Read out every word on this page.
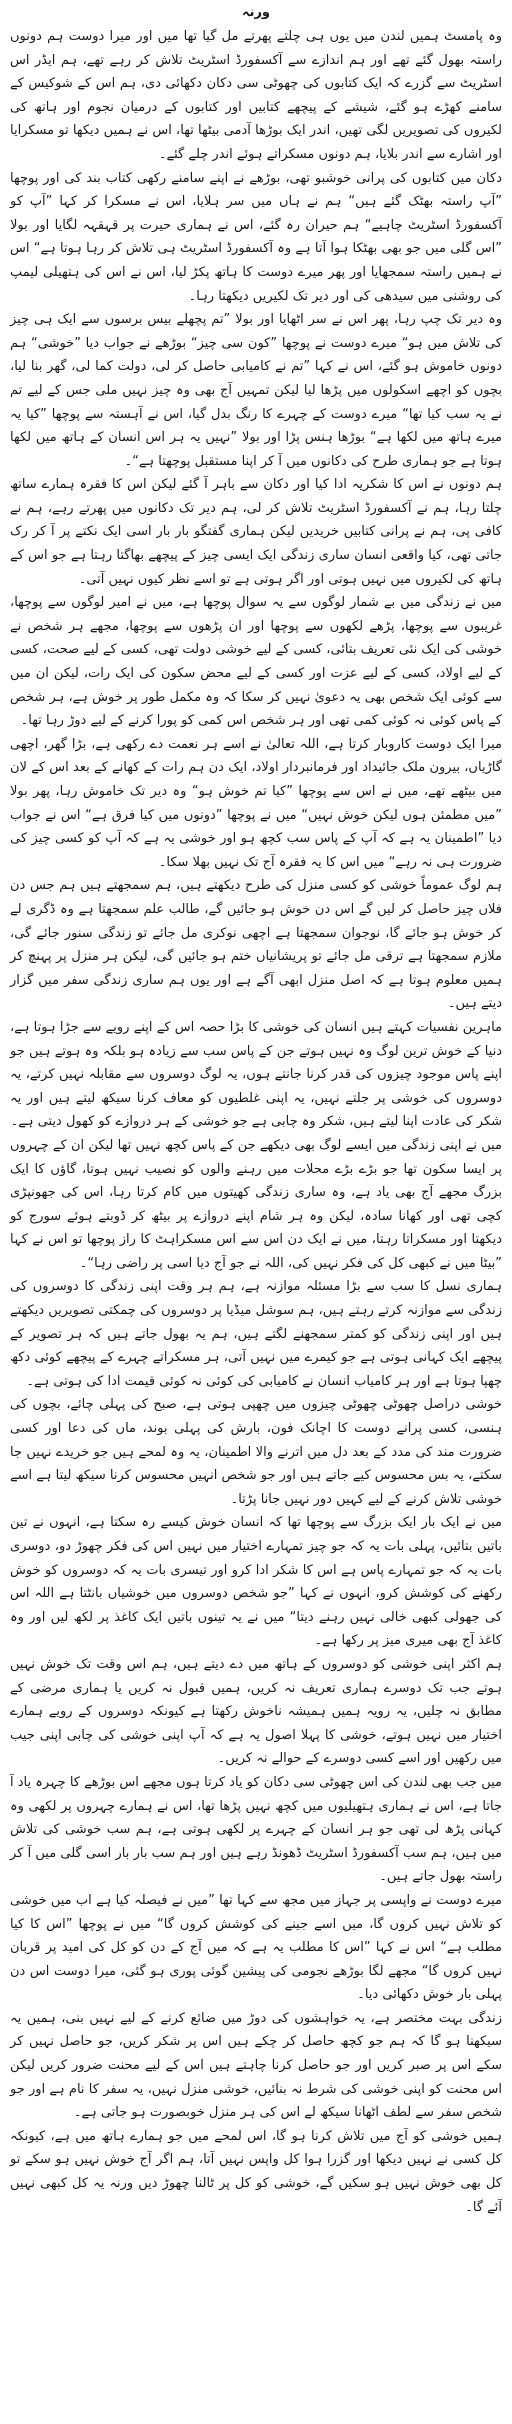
ورنہ

وہ پامسٹ ہمیں لندن میں یوں ہی چلتے پھرتے مل گیا تھا میں اور میرا دوست ہم دونوں راستہ بھول گئے تھے اور ہم اندازے سے آکسفورڈ اسٹریٹ تلاش کر رہے تھے، ہم ایڈر اس اسٹریٹ سے گزرے کہ ایک کتابوں کی چھوٹی سی دکان دکھائی دی، ہم اس کے شوکیس کے سامنے کھڑے ہو گئے، شیشے کے پیچھے کتابیں اور کتابوں کے درمیان نجوم اور ہاتھ کی لکیروں کی تصویریں لگی تھیں، اندر ایک بوڑھا آدمی بیٹھا تھا، اس نے ہمیں دیکھا تو مسکرایا اور اشارے سے اندر بلایا، ہم دونوں مسکراتے ہوئے اندر چلے گئے۔

دکان میں کتابوں کی پرانی خوشبو تھی، بوڑھے نے اپنے سامنے رکھی کتاب بند کی اور پوچھا ”آپ راستہ بھٹک گئے ہیں“ ہم نے ہاں میں سر ہلایا، اس نے مسکرا کر کہا ”آپ کو آکسفورڈ اسٹریٹ چاہیے“ ہم حیران رہ گئے، اس نے ہماری حیرت پر قہقہہ لگایا اور بولا ”اس گلی میں جو بھی بھٹکا ہوا آتا ہے وہ آکسفورڈ اسٹریٹ ہی تلاش کر رہا ہوتا ہے“ اس نے ہمیں راستہ سمجھایا اور پھر میرے دوست کا ہاتھ پکڑ لیا، اس نے اس کی ہتھیلی لیمپ کی روشنی میں سیدھی کی اور دیر تک لکیریں دیکھتا رہا۔

وہ دیر تک چپ رہا، پھر اس نے سر اٹھایا اور بولا ”تم پچھلے بیس برسوں سے ایک ہی چیز کی تلاش میں ہو“ میرے دوست نے پوچھا ”کون سی چیز“ بوڑھے نے جواب دیا ”خوشی“ ہم دونوں خاموش ہو گئے، اس نے کہا ”تم نے کامیابی حاصل کر لی، دولت کما لی، گھر بنا لیا، بچوں کو اچھے اسکولوں میں پڑھا لیا لیکن تمہیں آج بھی وہ چیز نہیں ملی جس کے لیے تم نے یہ سب کیا تھا“ میرے دوست کے چہرے کا رنگ بدل گیا، اس نے آہستہ سے پوچھا ”کیا یہ میرے ہاتھ میں لکھا ہے“ بوڑھا ہنس پڑا اور بولا ”نہیں یہ ہر اس انسان کے ہاتھ میں لکھا ہوتا ہے جو ہماری طرح کی دکانوں میں آ کر اپنا مستقبل پوچھتا ہے“۔

ہم دونوں نے اس کا شکریہ ادا کیا اور دکان سے باہر آ گئے لیکن اس کا فقرہ ہمارے ساتھ چلتا رہا، ہم نے آکسفورڈ اسٹریٹ تلاش کر لی، ہم دیر تک دکانوں میں پھرتے رہے، ہم نے کافی پی، ہم نے پرانی کتابیں خریدیں لیکن ہماری گفتگو بار بار اسی ایک نکتے پر آ کر رک جاتی تھی، کیا واقعی انسان ساری زندگی ایک ایسی چیز کے پیچھے بھاگتا رہتا ہے جو اس کے ہاتھ کی لکیروں میں نہیں ہوتی اور اگر ہوتی ہے تو اسے نظر کیوں نہیں آتی۔

میں نے زندگی میں بے شمار لوگوں سے یہ سوال پوچھا ہے، میں نے امیر لوگوں سے پوچھا، غریبوں سے پوچھا، پڑھے لکھوں سے پوچھا اور ان پڑھوں سے پوچھا، مجھے ہر شخص نے خوشی کی ایک نئی تعریف بتائی، کسی کے لیے خوشی دولت تھی، کسی کے لیے صحت، کسی کے لیے اولاد، کسی کے لیے عزت اور کسی کے لیے محض سکون کی ایک رات، لیکن ان میں سے کوئی ایک شخص بھی یہ دعویٰ نہیں کر سکا کہ وہ مکمل طور پر خوش ہے، ہر شخص کے پاس کوئی نہ کوئی کمی تھی اور ہر شخص اس کمی کو پورا کرنے کے لیے دوڑ رہا تھا۔

میرا ایک دوست کاروبار کرتا ہے، اللہ تعالیٰ نے اسے ہر نعمت دے رکھی ہے، بڑا گھر، اچھی گاڑیاں، بیرون ملک جائیداد اور فرمانبردار اولاد، ایک دن ہم رات کے کھانے کے بعد اس کے لان میں بیٹھے تھے، میں نے اس سے پوچھا ”کیا تم خوش ہو“ وہ دیر تک خاموش رہا، پھر بولا ”میں مطمئن ہوں لیکن خوش نہیں“ میں نے پوچھا ”دونوں میں کیا فرق ہے“ اس نے جواب دیا ”اطمینان یہ ہے کہ آپ کے پاس سب کچھ ہو اور خوشی یہ ہے کہ آپ کو کسی چیز کی ضرورت ہی نہ رہے“ میں اس کا یہ فقرہ آج تک نہیں بھلا سکا۔

ہم لوگ عموماً خوشی کو کسی منزل کی طرح دیکھتے ہیں، ہم سمجھتے ہیں ہم جس دن فلاں چیز حاصل کر لیں گے اس دن خوش ہو جائیں گے، طالب علم سمجھتا ہے وہ ڈگری لے کر خوش ہو جائے گا، نوجوان سمجھتا ہے اچھی نوکری مل جائے تو زندگی سنور جائے گی، ملازم سمجھتا ہے ترقی مل جائے تو پریشانیاں ختم ہو جائیں گی، لیکن ہر منزل پر پہنچ کر ہمیں معلوم ہوتا ہے کہ اصل منزل ابھی آگے ہے اور یوں ہم ساری زندگی سفر میں گزار دیتے ہیں۔

ماہرین نفسیات کہتے ہیں انسان کی خوشی کا بڑا حصہ اس کے اپنے رویے سے جڑا ہوتا ہے، دنیا کے خوش ترین لوگ وہ نہیں ہوتے جن کے پاس سب سے زیادہ ہو بلکہ وہ ہوتے ہیں جو اپنے پاس موجود چیزوں کی قدر کرنا جانتے ہوں، یہ لوگ دوسروں سے مقابلہ نہیں کرتے، یہ دوسروں کی خوشی پر جلتے نہیں، یہ اپنی غلطیوں کو معاف کرنا سیکھ لیتے ہیں اور یہ شکر کی عادت اپنا لیتے ہیں، شکر وہ چابی ہے جو خوشی کے ہر دروازے کو کھول دیتی ہے۔

میں نے اپنی زندگی میں ایسے لوگ بھی دیکھے جن کے پاس کچھ نہیں تھا لیکن ان کے چہروں پر ایسا سکون تھا جو بڑے بڑے محلات میں رہنے والوں کو نصیب نہیں ہوتا، گاؤں کا ایک بزرگ مجھے آج بھی یاد ہے، وہ ساری زندگی کھیتوں میں کام کرتا رہا، اس کی جھونپڑی کچی تھی اور کھانا سادہ، لیکن وہ ہر شام اپنے دروازے پر بیٹھ کر ڈوبتے ہوئے سورج کو دیکھتا اور مسکراتا رہتا، میں نے ایک دن اس سے اس مسکراہٹ کا راز پوچھا تو اس نے کہا ”بیٹا میں نے کبھی کل کی فکر نہیں کی، اللہ نے جو آج دیا اسی پر راضی رہا“۔

ہماری نسل کا سب سے بڑا مسئلہ موازنہ ہے، ہم ہر وقت اپنی زندگی کا دوسروں کی زندگی سے موازنہ کرتے رہتے ہیں، ہم سوشل میڈیا پر دوسروں کی چمکتی تصویریں دیکھتے ہیں اور اپنی زندگی کو کمتر سمجھنے لگتے ہیں، ہم یہ بھول جاتے ہیں کہ ہر تصویر کے پیچھے ایک کہانی ہوتی ہے جو کیمرے میں نہیں آتی، ہر مسکراتے چہرے کے پیچھے کوئی دکھ چھپا ہوتا ہے اور ہر کامیاب انسان نے کامیابی کی کوئی نہ کوئی قیمت ادا کی ہوتی ہے۔

خوشی دراصل چھوٹی چھوٹی چیزوں میں چھپی ہوتی ہے، صبح کی پہلی چائے، بچوں کی ہنسی، کسی پرانے دوست کا اچانک فون، بارش کی پہلی بوند، ماں کی دعا اور کسی ضرورت مند کی مدد کے بعد دل میں اترنے والا اطمینان، یہ وہ لمحے ہیں جو خریدے نہیں جا سکتے، یہ بس محسوس کیے جاتے ہیں اور جو شخص انہیں محسوس کرنا سیکھ لیتا ہے اسے خوشی تلاش کرنے کے لیے کہیں دور نہیں جانا پڑتا۔

میں نے ایک بار ایک بزرگ سے پوچھا تھا کہ انسان خوش کیسے رہ سکتا ہے، انہوں نے تین باتیں بتائیں، پہلی بات یہ کہ جو چیز تمہارے اختیار میں نہیں اس کی فکر چھوڑ دو، دوسری بات یہ کہ جو تمہارے پاس ہے اس کا شکر ادا کرو اور تیسری بات یہ کہ دوسروں کو خوش رکھنے کی کوشش کرو، انہوں نے کہا ”جو شخص دوسروں میں خوشیاں بانٹتا ہے اللہ اس کی جھولی کبھی خالی نہیں رہنے دیتا“ میں نے یہ تینوں باتیں ایک کاغذ پر لکھ لیں اور وہ کاغذ آج بھی میری میز پر رکھا ہے۔

ہم اکثر اپنی خوشی کو دوسروں کے ہاتھ میں دے دیتے ہیں، ہم اس وقت تک خوش نہیں ہوتے جب تک دوسرے ہماری تعریف نہ کریں، ہمیں قبول نہ کریں یا ہماری مرضی کے مطابق نہ چلیں، یہ رویہ ہمیں ہمیشہ ناخوش رکھتا ہے کیونکہ دوسروں کے رویے ہمارے اختیار میں نہیں ہوتے، خوشی کا پہلا اصول یہ ہے کہ آپ اپنی خوشی کی چابی اپنی جیب میں رکھیں اور اسے کسی دوسرے کے حوالے نہ کریں۔

میں جب بھی لندن کی اس چھوٹی سی دکان کو یاد کرتا ہوں مجھے اس بوڑھے کا چہرہ یاد آ جاتا ہے، اس نے ہماری ہتھیلیوں میں کچھ نہیں پڑھا تھا، اس نے ہمارے چہروں پر لکھی وہ کہانی پڑھ لی تھی جو ہر انسان کے چہرے پر لکھی ہوتی ہے، ہم سب خوشی کی تلاش میں ہیں، ہم سب آکسفورڈ اسٹریٹ ڈھونڈ رہے ہیں اور ہم سب بار بار اسی گلی میں آ کر راستہ بھول جاتے ہیں۔

میرے دوست نے واپسی پر جہاز میں مجھ سے کہا تھا ”میں نے فیصلہ کیا ہے اب میں خوشی کو تلاش نہیں کروں گا، میں اسے جینے کی کوشش کروں گا“ میں نے پوچھا ”اس کا کیا مطلب ہے“ اس نے کہا ”اس کا مطلب یہ ہے کہ میں آج کے دن کو کل کی امید پر قربان نہیں کروں گا“ مجھے لگا بوڑھے نجومی کی پیشین گوئی پوری ہو گئی، میرا دوست اس دن پہلی بار خوش دکھائی دیا۔

زندگی بہت مختصر ہے، یہ خواہشوں کی دوڑ میں ضائع کرنے کے لیے نہیں بنی، ہمیں یہ سیکھنا ہو گا کہ ہم جو کچھ حاصل کر چکے ہیں اس پر شکر کریں، جو حاصل نہیں کر سکے اس پر صبر کریں اور جو حاصل کرنا چاہتے ہیں اس کے لیے محنت ضرور کریں لیکن اس محنت کو اپنی خوشی کی شرط نہ بنائیں، خوشی منزل نہیں، یہ سفر کا نام ہے اور جو شخص سفر سے لطف اٹھانا سیکھ لے اس کی ہر منزل خوبصورت ہو جاتی ہے۔

ہمیں خوشی کو آج میں تلاش کرنا ہو گا، اس لمحے میں جو ہمارے ہاتھ میں ہے، کیونکہ کل کسی نے نہیں دیکھا اور گزرا ہوا کل واپس نہیں آتا، ہم اگر آج خوش نہیں ہو سکے تو کل بھی خوش نہیں ہو سکیں گے، خوشی کو کل پر ٹالنا چھوڑ دیں ورنہ یہ کل کبھی نہیں آئے گا۔
